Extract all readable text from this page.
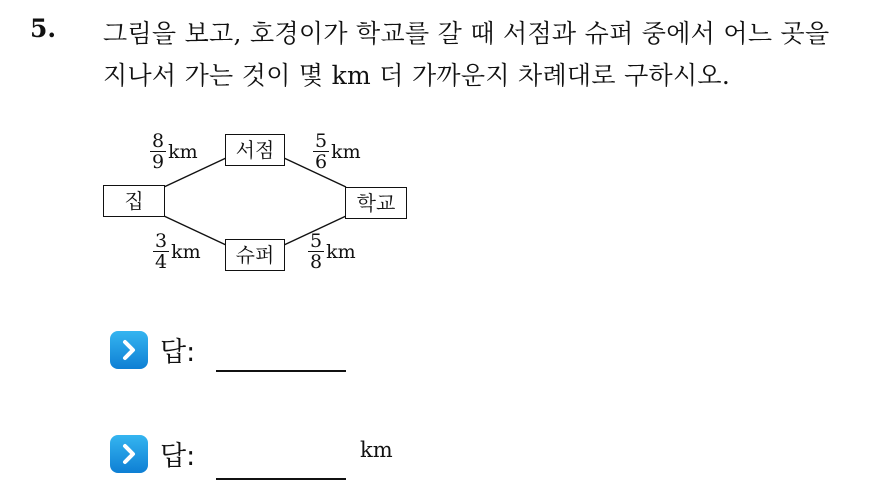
5. 그림을 보고, 호경이가 학교를 갈 때 서점과 슈퍼 중에서 어느 곳을
지나서 가는 것이 몇 km 더 가까운지 차례대로 구하시오.
집
서점
슈퍼
학교
$\frac{8}{9}$ km	$\frac{5}{6}$ km
$\frac{3}{4}$ km	$\frac{5}{8}$ km
답:
답:	km
